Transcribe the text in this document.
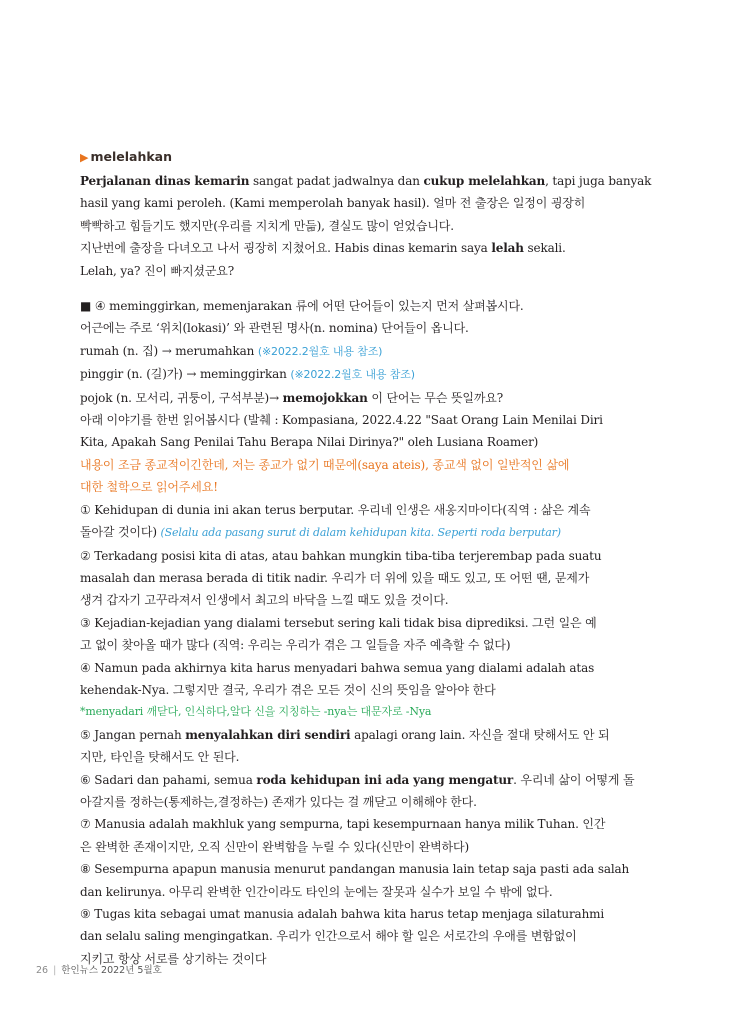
▶ melelahkan
Perjalanan dinas kemarin sangat padat jadwalnya dan cukup melelahkan, tapi juga banyak
hasil yang kami peroleh. (Kami memperolah banyak hasil). 얼마 전 출장은 일정이 굉장히
빡빡하고 힘들기도 했지만(우리를 지치게 만듦), 결실도 많이 얻었습니다.
지난번에 출장을 다녀오고 나서 굉장히 지쳤어요. Habis dinas kemarin saya lelah sekali.
Lelah, ya? 진이 빠지셨군요?
■ ④ meminggirkan, memenjarakan 류에 어떤 단어들이 있는지 먼저 살펴봅시다.
어근에는 주로 ‘위치(lokasi)’ 와 관련된 명사(n. nomina) 단어들이 옵니다.
rumah (n. 집) → merumahkan (※2022.2월호 내용 참조)
pinggir (n. (길)가) → meminggirkan (※2022.2월호 내용 참조)
pojok (n. 모서리, 귀퉁이, 구석부분)→ memojokkan 이 단어는 무슨 뜻일까요?
아래 이야기를 한번 읽어봅시다 (발췌 : Kompasiana, 2022.4.22 "Saat Orang Lain Menilai Diri
Kita, Apakah Sang Penilai Tahu Berapa Nilai Dirinya?" oleh Lusiana Roamer)
내용이 조금 종교적이긴한데, 저는 종교가 없기 때문에(saya ateis), 종교색 없이 일반적인 삶에
대한 철학으로 읽어주세요!
① Kehidupan di dunia ini akan terus berputar. 우리네 인생은 새옹지마이다(직역 : 삶은 계속
돌아갈 것이다) (Selalu ada pasang surut di dalam kehidupan kita. Seperti roda berputar)
② Terkadang posisi kita di atas, atau bahkan mungkin tiba-tiba terjerembap pada suatu
masalah dan merasa berada di titik nadir. 우리가 더 위에 있을 때도 있고, 또 어떤 땐, 문제가
생겨 갑자기 고꾸라져서 인생에서 최고의 바닥을 느낄 때도 있을 것이다.
③ Kejadian-kejadian yang dialami tersebut sering kali tidak bisa diprediksi. 그런 일은 예
고 없이 찾아올 때가 많다 (직역: 우리는 우리가 겪은 그 일들을 자주 예측할 수 없다)
④ Namun pada akhirnya kita harus menyadari bahwa semua yang dialami adalah atas
kehendak-Nya. 그렇지만 결국, 우리가 겪은 모든 것이 신의 뜻임을 알아야 한다
*menyadari 깨닫다, 인식하다,알다 신을 지칭하는 -nya는 대문자로 -Nya
⑤ Jangan pernah menyalahkan diri sendiri apalagi orang lain. 자신을 절대 탓해서도 안 되
지만, 타인을 탓해서도 안 된다.
⑥ Sadari dan pahami, semua roda kehidupan ini ada yang mengatur. 우리네 삶이 어떻게 돌
아갈지를 정하는(통제하는,결정하는) 존재가 있다는 걸 깨닫고 이해해야 한다.
⑦ Manusia adalah makhluk yang sempurna, tapi kesempurnaan hanya milik Tuhan. 인간
은 완벽한 존재이지만, 오직 신만이 완벽함을 누릴 수 있다(신만이 완벽하다)
⑧ Sesempurna apapun manusia menurut pandangan manusia lain tetap saja pasti ada salah
dan kelirunya. 아무리 완벽한 인간이라도 타인의 눈에는 잘못과 실수가 보일 수 밖에 없다.
⑨ Tugas kita sebagai umat manusia adalah bahwa kita harus tetap menjaga silaturahmi
dan selalu saling mengingatkan. 우리가 인간으로서 해야 할 일은 서로간의 우애를 변함없이
지키고 항상 서로를 상기하는 것이다
26 | 한인뉴스 2022년 5월호
